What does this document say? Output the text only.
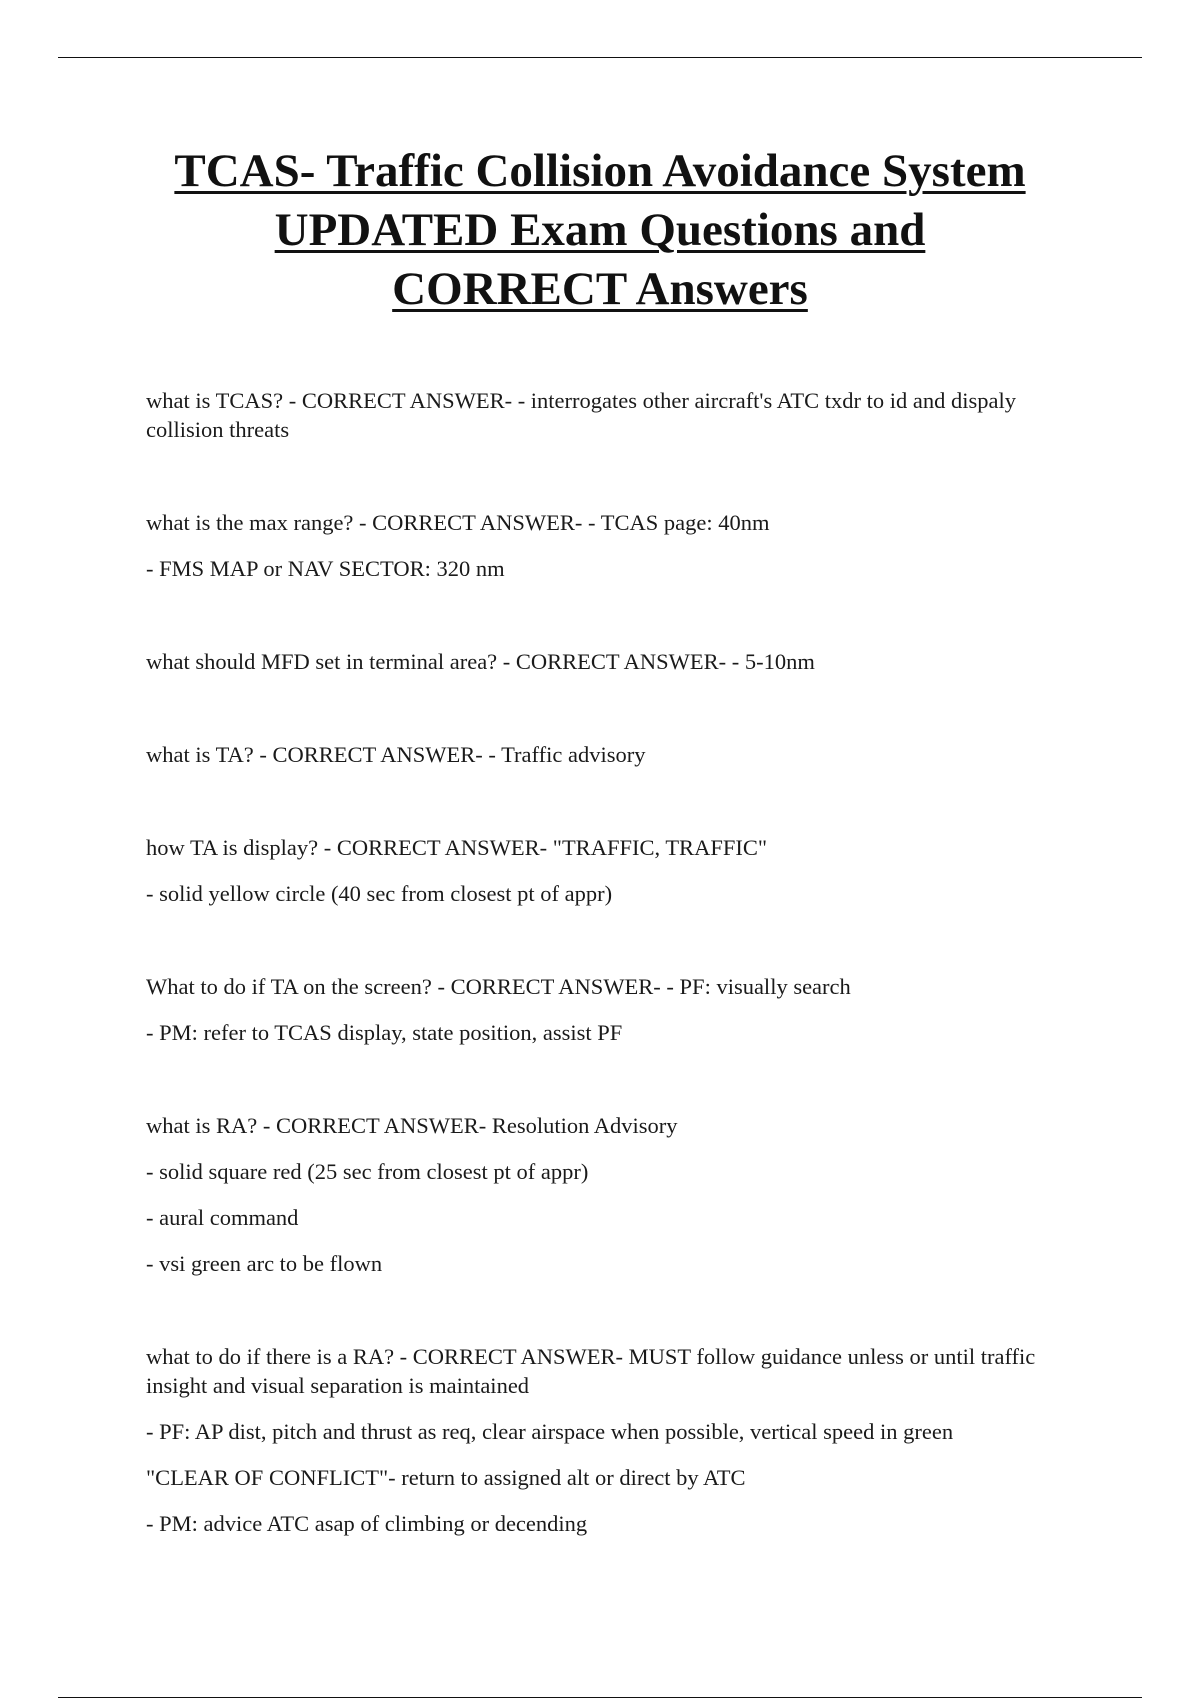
TCAS- Traffic Collision Avoidance System
UPDATED Exam Questions and
CORRECT Answers

what is TCAS? - CORRECT ANSWER- - interrogates other aircraft's ATC txdr to id and dispaly collision threats

what is the max range? - CORRECT ANSWER- - TCAS page: 40nm

- FMS MAP or NAV SECTOR: 320 nm

what should MFD set in terminal area? - CORRECT ANSWER- - 5-10nm

what is TA? - CORRECT ANSWER- - Traffic advisory

how TA is display? - CORRECT ANSWER- "TRAFFIC, TRAFFIC"

- solid yellow circle (40 sec from closest pt of appr)

What to do if TA on the screen? - CORRECT ANSWER- - PF: visually search

- PM: refer to TCAS display, state position, assist PF

what is RA? - CORRECT ANSWER- Resolution Advisory

- solid square red (25 sec from closest pt of appr)

- aural command

- vsi green arc to be flown

what to do if there is a RA? - CORRECT ANSWER- MUST follow guidance unless or until traffic insight and visual separation is maintained

- PF: AP dist, pitch and thrust as req, clear airspace when possible, vertical speed in green

"CLEAR OF CONFLICT"- return to assigned alt or direct by ATC

- PM: advice ATC asap of climbing or decending
